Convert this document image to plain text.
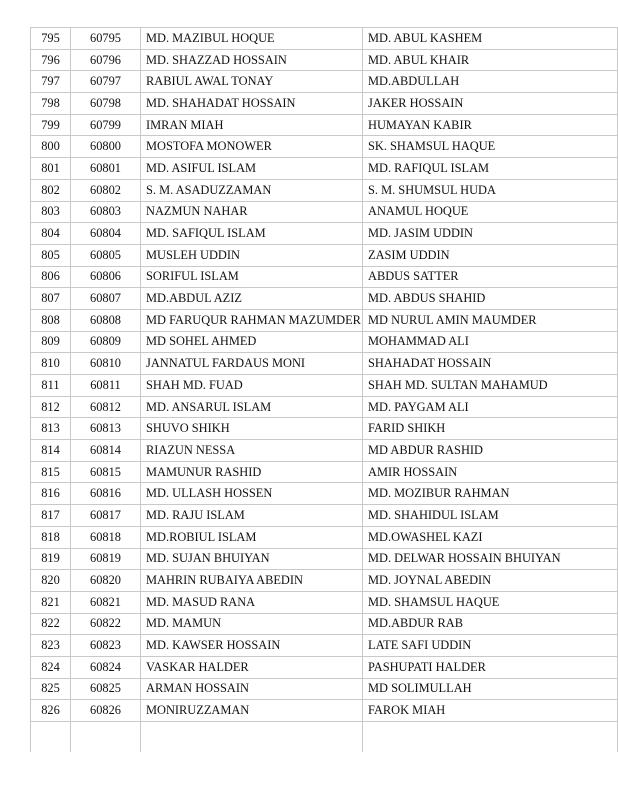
795	60795	MD. MAZIBUL HOQUE	MD. ABUL KASHEM
796	60796	MD. SHAZZAD HOSSAIN	MD. ABUL KHAIR
797	60797	RABIUL AWAL TONAY	MD.ABDULLAH
798	60798	MD. SHAHADAT HOSSAIN	JAKER HOSSAIN
799	60799	IMRAN MIAH	HUMAYAN KABIR
800	60800	MOSTOFA MONOWER	SK. SHAMSUL HAQUE
801	60801	MD. ASIFUL ISLAM	MD. RAFIQUL ISLAM
802	60802	S. M. ASADUZZAMAN	S. M. SHUMSUL HUDA
803	60803	NAZMUN NAHAR	ANAMUL HOQUE
804	60804	MD. SAFIQUL ISLAM	MD. JASIM UDDIN
805	60805	MUSLEH UDDIN	ZASIM UDDIN
806	60806	SORIFUL ISLAM	ABDUS SATTER
807	60807	MD.ABDUL AZIZ	MD. ABDUS SHAHID
808	60808	MD FARUQUR RAHMAN MAZUMDER	MD NURUL AMIN MAUMDER
809	60809	MD SOHEL AHMED	MOHAMMAD ALI
810	60810	JANNATUL FARDAUS MONI	SHAHADAT HOSSAIN
811	60811	SHAH MD. FUAD	SHAH MD. SULTAN MAHAMUD
812	60812	MD. ANSARUL ISLAM	MD. PAYGAM ALI
813	60813	SHUVO SHIKH	FARID SHIKH
814	60814	RIAZUN NESSA	MD ABDUR RASHID
815	60815	MAMUNUR RASHID	AMIR HOSSAIN
816	60816	MD. ULLASH HOSSEN	MD. MOZIBUR RAHMAN
817	60817	MD. RAJU ISLAM	MD. SHAHIDUL ISLAM
818	60818	MD.ROBIUL ISLAM	MD.OWASHEL KAZI
819	60819	MD. SUJAN BHUIYAN	MD. DELWAR HOSSAIN BHUIYAN
820	60820	MAHRIN RUBAIYA ABEDIN	MD. JOYNAL ABEDIN
821	60821	MD. MASUD RANA	MD. SHAMSUL HAQUE
822	60822	MD. MAMUN	MD.ABDUR RAB
823	60823	MD. KAWSER HOSSAIN	LATE SAFI UDDIN
824	60824	VASKAR HALDER	PASHUPATI HALDER
825	60825	ARMAN HOSSAIN	MD SOLIMULLAH
826	60826	MONIRUZZAMAN	FAROK MIAH
